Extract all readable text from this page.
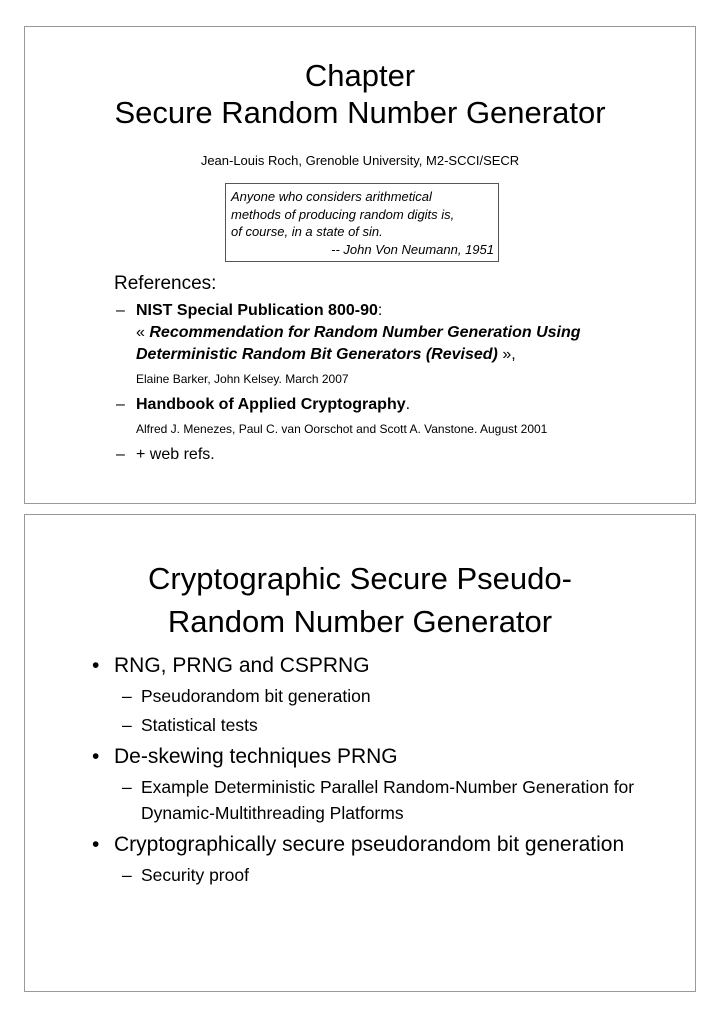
Chapter
Secure Random Number Generator
Jean-Louis Roch, Grenoble University, M2-SCCI/SECR
Anyone who considers arithmetical
methods of producing random digits is,
of course, in a state of sin.
-- John Von Neumann, 1951
References:
– NIST Special Publication 800-90:
« Recommendation for Random Number Generation Using Deterministic Random Bit Generators (Revised) »,
Elaine Barker, John Kelsey. March 2007
– Handbook of Applied Cryptography.
Alfred J. Menezes, Paul C. van Oorschot and Scott A. Vanstone. August 2001
– + web refs.
Cryptographic Secure Pseudo-
Random Number Generator
• RNG, PRNG and CSPRNG
– Pseudorandom bit generation
– Statistical tests
• De-skewing techniques PRNG
– Example Deterministic Parallel Random-Number Generation for Dynamic-Multithreading Platforms
• Cryptographically secure pseudorandom bit generation
– Security proof
